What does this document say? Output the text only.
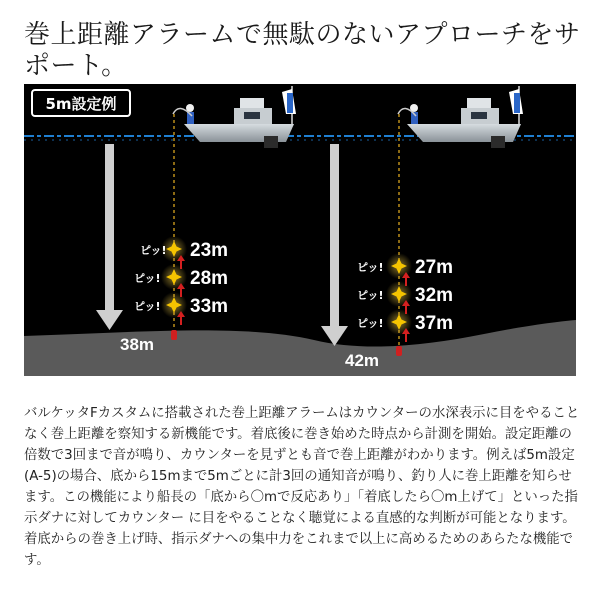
巻上距離アラームで無駄のないアプローチをサポート。
5m設定例
ピッ! 23m
ピッ! 28m
ピッ! 33m
ピッ! 27m
ピッ! 32m
ピッ! 37m
38m
42m

バルケッタFカスタムに搭載された巻上距離アラームはカウンターの水深表示に目をやることなく巻上距離を察知する新機能です。着底後に巻き始めた時点から計測を開始。設定距離の倍数で3回まで音が鳴り、カウンターを見ずとも音で巻上距離がわかります。例えば5m設定(A-5)の場合、底から15mまで5mごとに計3回の通知音が鳴り、釣り人に巻上距離を知らせます。この機能により船長の「底から〇mで反応あり」「着底したら〇m上げて」といった指示ダナに対してカウンター に目をやることなく聴覚による直感的な判断が可能となります。着底からの巻き上げ時、指示ダナへの集中力をこれまで以上に高めるためのあらたな機能です。
